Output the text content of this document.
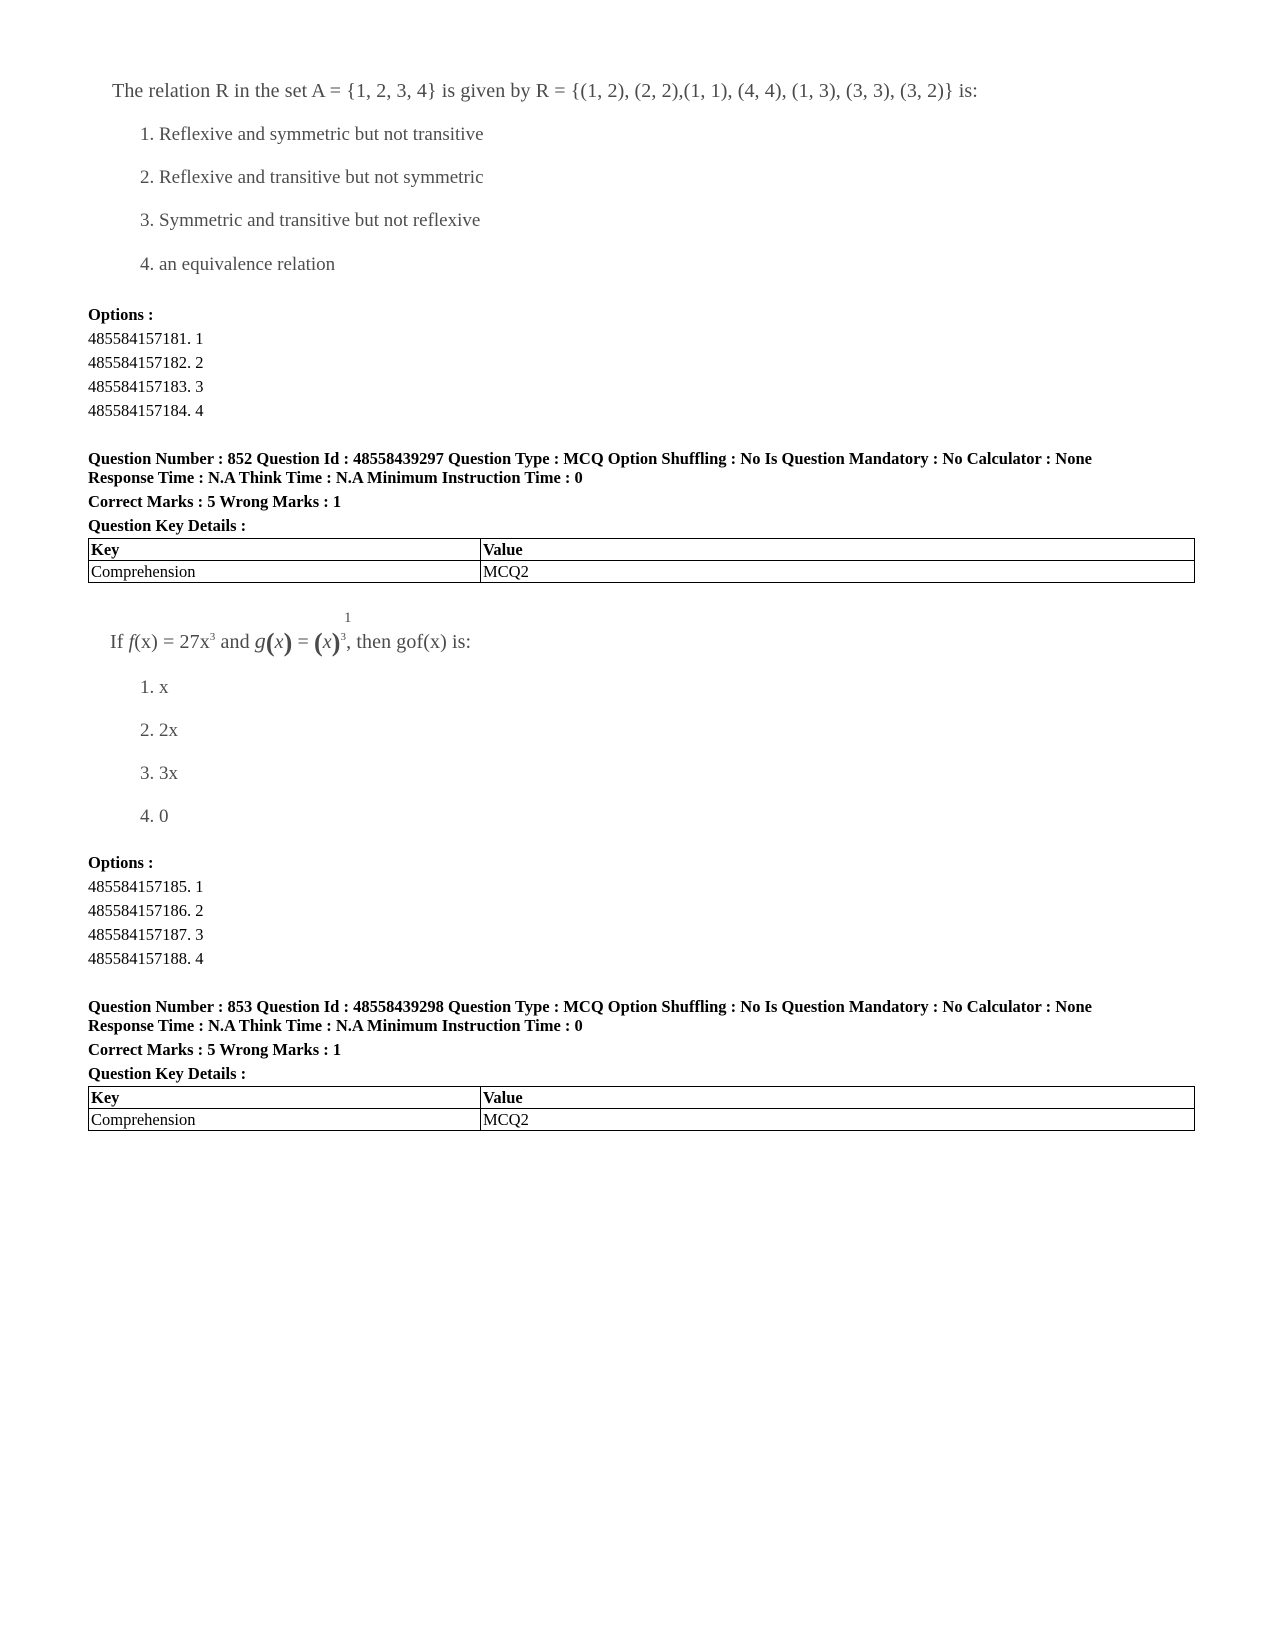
The relation R in the set A = {1, 2, 3, 4} is given by R = {(1, 2), (2, 2),(1, 1), (4, 4), (1, 3), (3, 3), (3, 2)} is:
1. Reflexive and symmetric but not transitive
2. Reflexive and transitive but not symmetric
3. Symmetric and transitive but not reflexive
4. an equivalence relation
Options :
485584157181. 1
485584157182. 2
485584157183. 3
485584157184. 4
Question Number : 852 Question Id : 48558439297 Question Type : MCQ Option Shuffling : No Is Question Mandatory : No Calculator : None
Response Time : N.A Think Time : N.A Minimum Instruction Time : 0
Correct Marks : 5 Wrong Marks : 1
Question Key Details :
Key	Value
Comprehension	MCQ2
If $f(x) = 27x^3$ and $g(x) = (x)^3$, then gof(x) is:
1
1. x
2. 2x
3. 3x
4. 0
Options :
485584157185. 1
485584157186. 2
485584157187. 3
485584157188. 4
Question Number : 853 Question Id : 48558439298 Question Type : MCQ Option Shuffling : No Is Question Mandatory : No Calculator : None
Response Time : N.A Think Time : N.A Minimum Instruction Time : 0
Correct Marks : 5 Wrong Marks : 1
Question Key Details :
Key	Value
Comprehension	MCQ2
